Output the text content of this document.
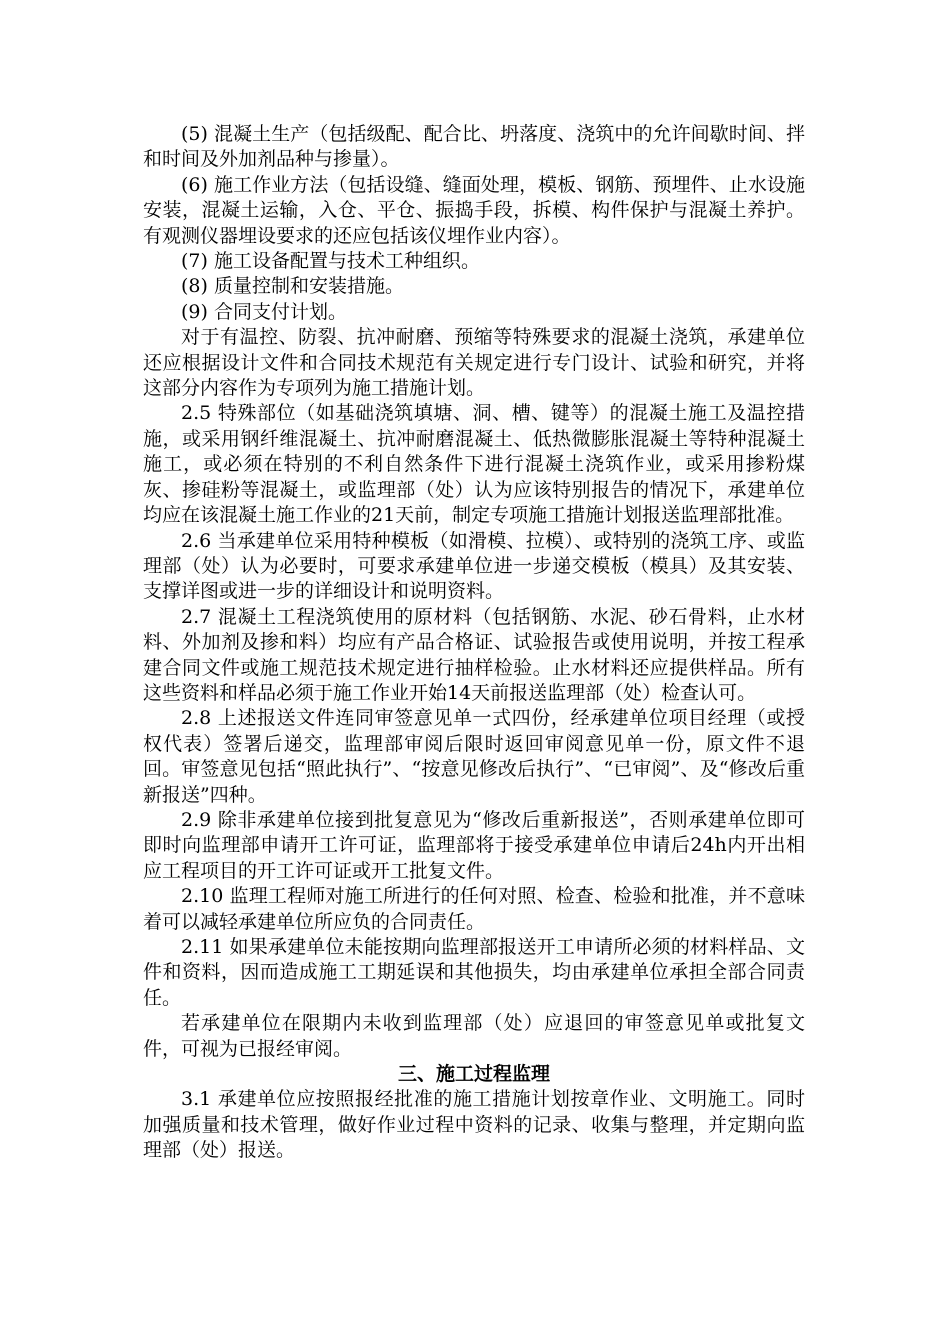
(5) 混凝土生产（包括级配、配合比、坍落度、浇筑中的允许间歇时间、拌和时间及外加剂品种与掺量）。

(6) 施工作业方法（包括设缝、缝面处理，模板、钢筋、预埋件、止水设施安装，混凝土运输，入仓、平仓、振捣手段，拆模、构件保护与混凝土养护。有观测仪器埋设要求的还应包括该仪埋作业内容）。

(7) 施工设备配置与技术工种组织。

(8) 质量控制和安装措施。

(9) 合同支付计划。

对于有温控、防裂、抗冲耐磨、预缩等特殊要求的混凝土浇筑，承建单位还应根据设计文件和合同技术规范有关规定进行专门设计、试验和研究，并将这部分内容作为专项列为施工措施计划。

2.5 特殊部位（如基础浇筑填塘、洞、槽、键等）的混凝土施工及温控措施，或采用钢纤维混凝土、抗冲耐磨混凝土、低热微膨胀混凝土等特种混凝土施工，或必须在特别的不利自然条件下进行混凝土浇筑作业，或采用掺粉煤灰、掺硅粉等混凝土，或监理部（处）认为应该特别报告的情况下，承建单位均应在该混凝土施工作业的21天前，制定专项施工措施计划报送监理部批准。

2.6 当承建单位采用特种模板（如滑模、拉模）、或特别的浇筑工序、或监理部（处）认为必要时，可要求承建单位进一步递交模板（模具）及其安装、支撑详图或进一步的详细设计和说明资料。

2.7 混凝土工程浇筑使用的原材料（包括钢筋、水泥、砂石骨料，止水材料、外加剂及掺和料）均应有产品合格证、试验报告或使用说明，并按工程承建合同文件或施工规范技术规定进行抽样检验。止水材料还应提供样品。所有这些资料和样品必须于施工作业开始14天前报送监理部（处）检查认可。

2.8 上述报送文件连同审签意见单一式四份，经承建单位项目经理（或授权代表）签署后递交，监理部审阅后限时返回审阅意见单一份，原文件不退回。审签意见包括“照此执行”、“按意见修改后执行”、“已审阅”、及“修改后重新报送”四种。

2.9 除非承建单位接到批复意见为“修改后重新报送”，否则承建单位即可即时向监理部申请开工许可证，监理部将于接受承建单位申请后24h内开出相应工程项目的开工许可证或开工批复文件。

2.10 监理工程师对施工所进行的任何对照、检查、检验和批准，并不意味着可以减轻承建单位所应负的合同责任。

2.11 如果承建单位未能按期向监理部报送开工申请所必须的材料样品、文件和资料，因而造成施工工期延误和其他损失，均由承建单位承担全部合同责任。

若承建单位在限期内未收到监理部（处）应退回的审签意见单或批复文件，可视为已报经审阅。

三、施工过程监理

3.1 承建单位应按照报经批准的施工措施计划按章作业、文明施工。同时加强质量和技术管理，做好作业过程中资料的记录、收集与整理，并定期向监理部（处）报送。
